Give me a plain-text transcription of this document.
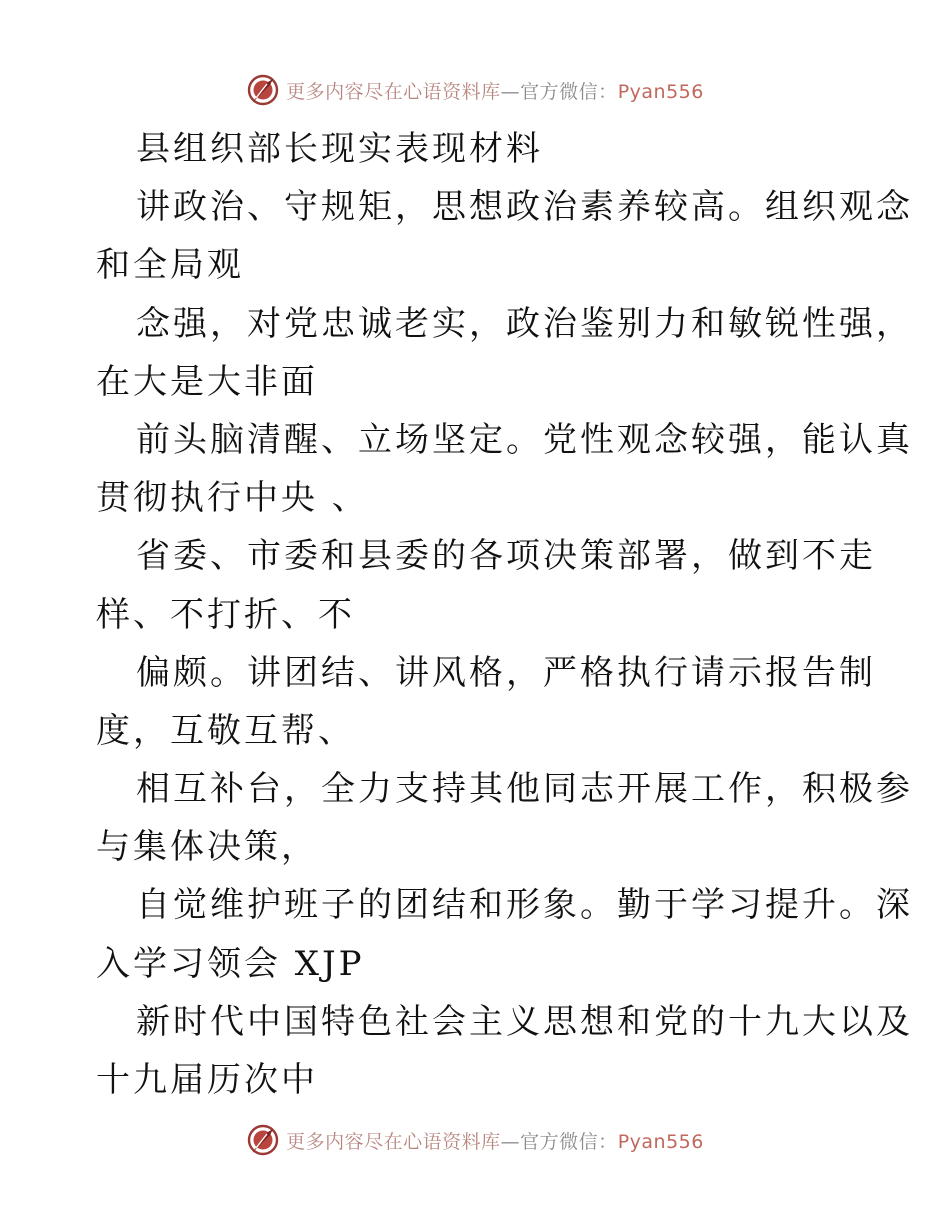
更多内容尽在心语资料库—官方微信：Pyan556
县组织部长现实表现材料
讲政治、守规矩，思想政治素养较高。组织观念
和全局观
念强，对党忠诚老实，政治鉴别力和敏锐性强，
在大是大非面
前头脑清醒、立场坚定。党性观念较强，能认真
贯彻执行中央 、
省委、市委和县委的各项决策部署，做到不走
样、不打折、不
偏颇。讲团结、讲风格，严格执行请示报告制
度，互敬互帮、
相互补台，全力支持其他同志开展工作，积极参
与集体决策，
自觉维护班子的团结和形象。勤于学习提升。深
入学习领会 XJP
新时代中国特色社会主义思想和党的十九大以及
十九届历次中
更多内容尽在心语资料库—官方微信：Pyan556
